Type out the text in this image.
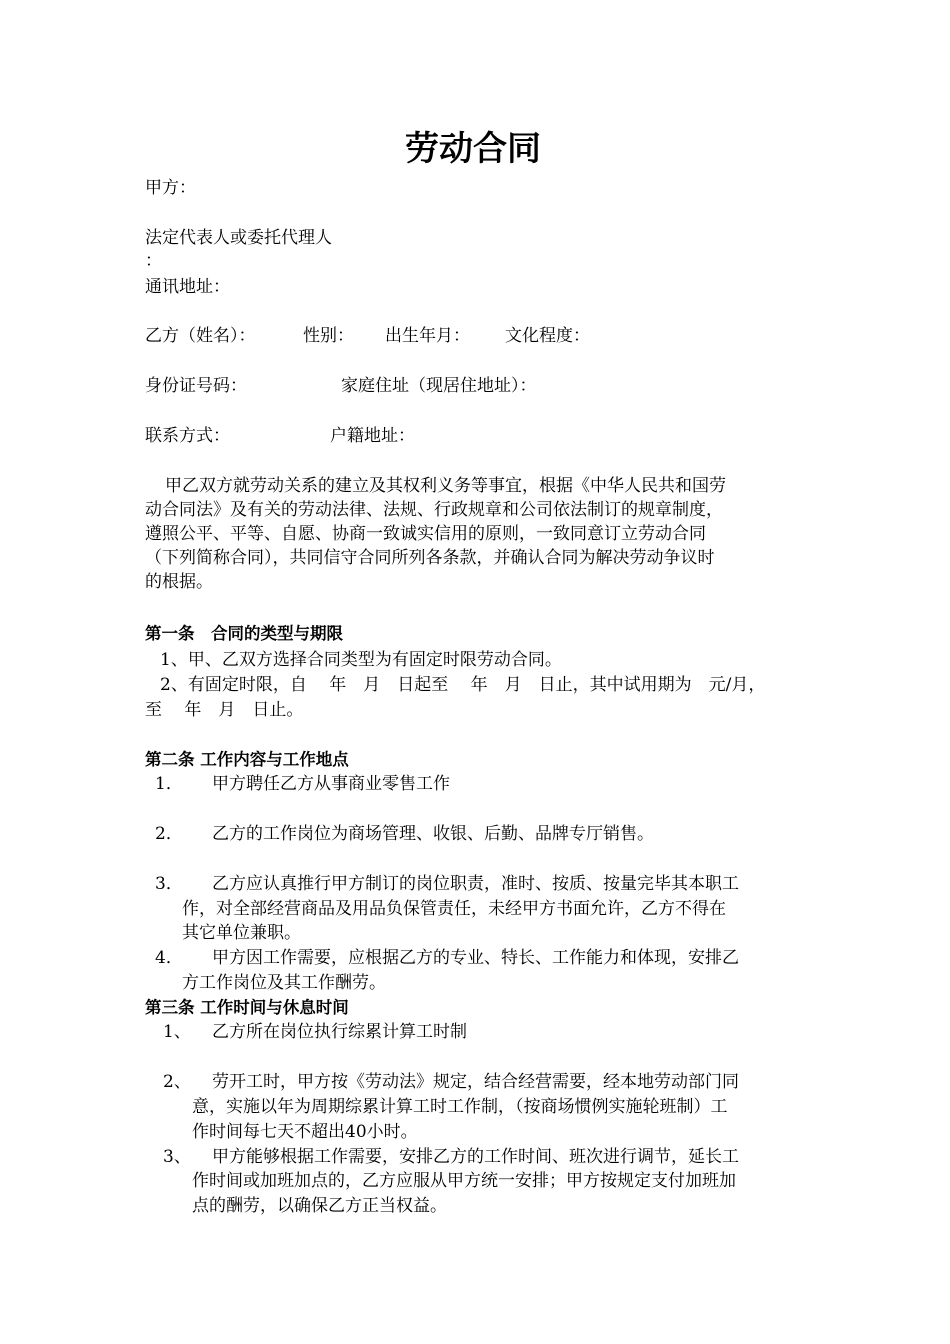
劳动合同
甲方：
法定代表人或委托代理人
：
通讯地址：
乙方（姓名）：	性别： 出生年月： 文化程度：
身份证号码：	家庭住址（现居住地址）：
联系方式：	户籍地址：
甲乙双方就劳动关系的建立及其权利义务等事宜，根据《中华人民共和国劳
动合同法》及有关的劳动法律、法规、行政规章和公司依法制订的规章制度，
遵照公平、平等、自愿、协商一致诚实信用的原则，一致同意订立劳动合同
（下列简称合同），共同信守合同所列各条款，并确认合同为解决劳动争议时
的根据。
第一条　合同的类型与期限
1、甲、乙双方选择合同类型为有固定时限劳动合同。
2、有固定时限，自　 年　月　日起至　 年　月　日止，其中试用期为　元/月，
至　 年　月　日止。
第二条 工作内容与工作地点
1． 甲方聘任乙方从事商业零售工作
2． 乙方的工作岗位为商场管理、收银、后勤、品牌专厅销售。
3． 乙方应认真推行甲方制订的岗位职责，准时、按质、按量完毕其本职工
作，对全部经营商品及用品负保管责任，未经甲方书面允许，乙方不得在
其它单位兼职。
4． 甲方因工作需要，应根据乙方的专业、特长、工作能力和体现，安排乙
方工作岗位及其工作酬劳。
第三条 工作时间与休息时间
1、 乙方所在岗位执行综累计算工时制
2、 劳开工时，甲方按《劳动法》规定，结合经营需要，经本地劳动部门同
意，实施以年为周期综累计算工时工作制，（按商场惯例实施轮班制）工
作时间每七天不超出40小时。
3、 甲方能够根据工作需要，安排乙方的工作时间、班次进行调节，延长工
作时间或加班加点的，乙方应服从甲方统一安排；甲方按规定支付加班加
点的酬劳，以确保乙方正当权益。
